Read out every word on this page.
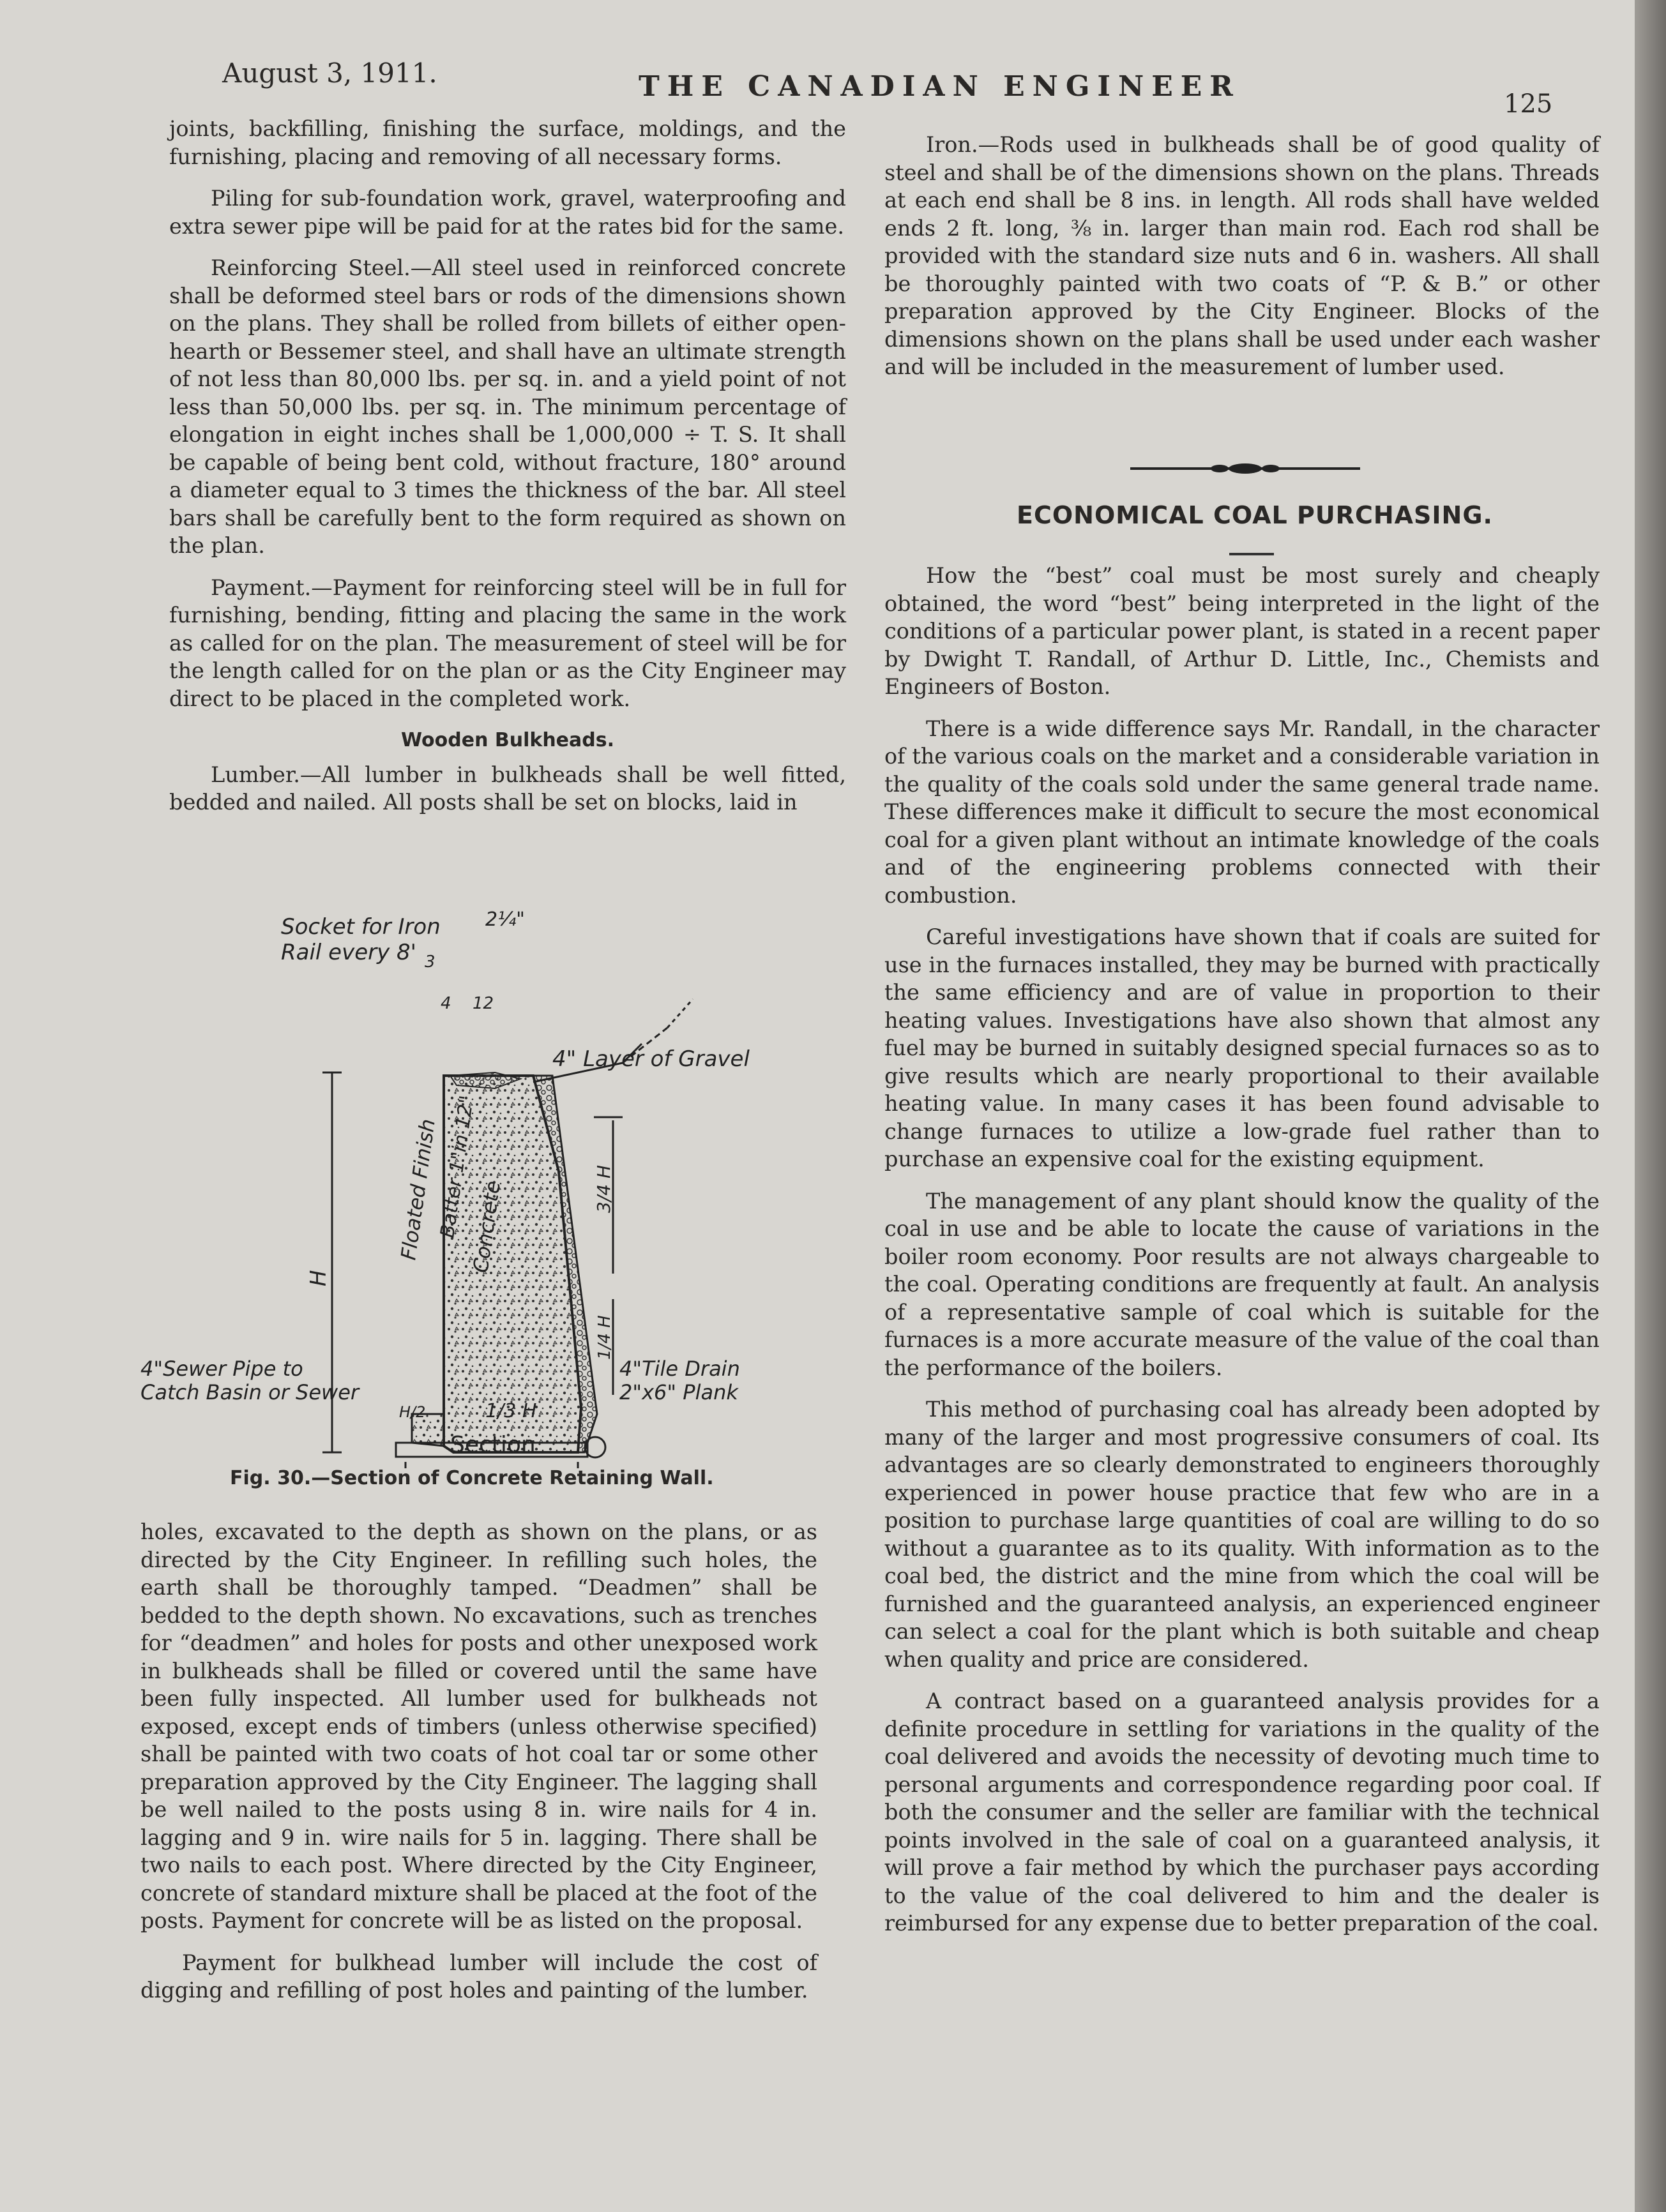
August 3, 1911.	THE CANADIAN ENGINEER
125

joints, backfilling, finishing the surface, moldings, and the furnishing, placing and removing of all necessary forms.

Piling for sub-foundation work, gravel, waterproofing and extra sewer pipe will be paid for at the rates bid for the same.

Reinforcing Steel.—All steel used in reinforced concrete shall be deformed steel bars or rods of the dimensions shown on the plans. They shall be rolled from billets of either open-hearth or Bessemer steel, and shall have an ultimate strength of not less than 80,000 lbs. per sq. in. and a yield point of not less than 50,000 lbs. per sq. in. The minimum percentage of elongation in eight inches shall be 1,000,000 ÷ T. S. It shall be capable of being bent cold, without fracture, 180° around a diameter equal to 3 times the thickness of the bar. All steel bars shall be carefully bent to the form required as shown on the plan.

Payment.—Payment for reinforcing steel will be in full for furnishing, bending, fitting and placing the same in the work as called for on the plan. The measurement of steel will be for the length called for on the plan or as the City Engineer may direct to be placed in the completed work.

Wooden Bulkheads.

Lumber.—All lumber in bulkheads shall be well fitted, bedded and nailed. All posts shall be set on blocks, laid in

Socket for Iron
Rail every 8'
2¼"
4" Layer of Gravel
Floated Finish
Batter 1"in 12"
Concrete
H
3/4 H
1/4 H
4"Sewer Pipe to
Catch Basin or Sewer
4"Tile Drain
2"x6" Plank
1/3 H
H/2
12
4
3
Section
Fig. 30.—Section of Concrete Retaining Wall.

holes, excavated to the depth as shown on the plans, or as directed by the City Engineer. In refilling such holes, the earth shall be thoroughly tamped. “Deadmen” shall be bedded to the depth shown. No excavations, such as trenches for “deadmen” and holes for posts and other unexposed work in bulkheads shall be filled or covered until the same have been fully inspected. All lumber used for bulkheads not exposed, except ends of timbers (unless otherwise specified) shall be painted with two coats of hot coal tar or some other preparation approved by the City Engineer. The lagging shall be well nailed to the posts using 8 in. wire nails for 4 in. lagging and 9 in. wire nails for 5 in. lagging. There shall be two nails to each post. Where directed by the City Engineer, concrete of standard mixture shall be placed at the foot of the posts. Payment for concrete will be as listed on the proposal.

Payment for bulkhead lumber will include the cost of digging and refilling of post holes and painting of the lumber.

Iron.—Rods used in bulkheads shall be of good quality of steel and shall be of the dimensions shown on the plans. Threads at each end shall be 8 ins. in length. All rods shall have welded ends 2 ft. long, ⅜ in. larger than main rod. Each rod shall be provided with the standard size nuts and 6 in. washers. All shall be thoroughly painted with two coats of “P. & B.” or other preparation approved by the City Engineer. Blocks of the dimensions shown on the plans shall be used under each washer and will be included in the measurement of lumber used.

ECONOMICAL COAL PURCHASING.

How the “best” coal must be most surely and cheaply obtained, the word “best” being interpreted in the light of the conditions of a particular power plant, is stated in a recent paper by Dwight T. Randall, of Arthur D. Little, Inc., Chemists and Engineers of Boston.

There is a wide difference says Mr. Randall, in the character of the various coals on the market and a considerable variation in the quality of the coals sold under the same general trade name. These differences make it difficult to secure the most economical coal for a given plant without an intimate knowledge of the coals and of the engineering problems connected with their combustion.

Careful investigations have shown that if coals are suited for use in the furnaces installed, they may be burned with practically the same efficiency and are of value in proportion to their heating values. Investigations have also shown that almost any fuel may be burned in suitably designed special furnaces so as to give results which are nearly proportional to their available heating value. In many cases it has been found advisable to change furnaces to utilize a low-grade fuel rather than to purchase an expensive coal for the existing equipment.

The management of any plant should know the quality of the coal in use and be able to locate the cause of variations in the boiler room economy. Poor results are not always chargeable to the coal. Operating conditions are frequently at fault. An analysis of a representative sample of coal which is suitable for the furnaces is a more accurate measure of the value of the coal than the performance of the boilers.

This method of purchasing coal has already been adopted by many of the larger and most progressive consumers of coal. Its advantages are so clearly demonstrated to engineers thoroughly experienced in power house practice that few who are in a position to purchase large quantities of coal are willing to do so without a guarantee as to its quality. With information as to the coal bed, the district and the mine from which the coal will be furnished and the guaranteed analysis, an experienced engineer can select a coal for the plant which is both suitable and cheap when quality and price are considered.

A contract based on a guaranteed analysis provides for a definite procedure in settling for variations in the quality of the coal delivered and avoids the necessity of devoting much time to personal arguments and correspondence regarding poor coal. If both the consumer and the seller are familiar with the technical points involved in the sale of coal on a guaranteed analysis, it will prove a fair method by which the purchaser pays according to the value of the coal delivered to him and the dealer is reimbursed for any expense due to better preparation of the coal.
